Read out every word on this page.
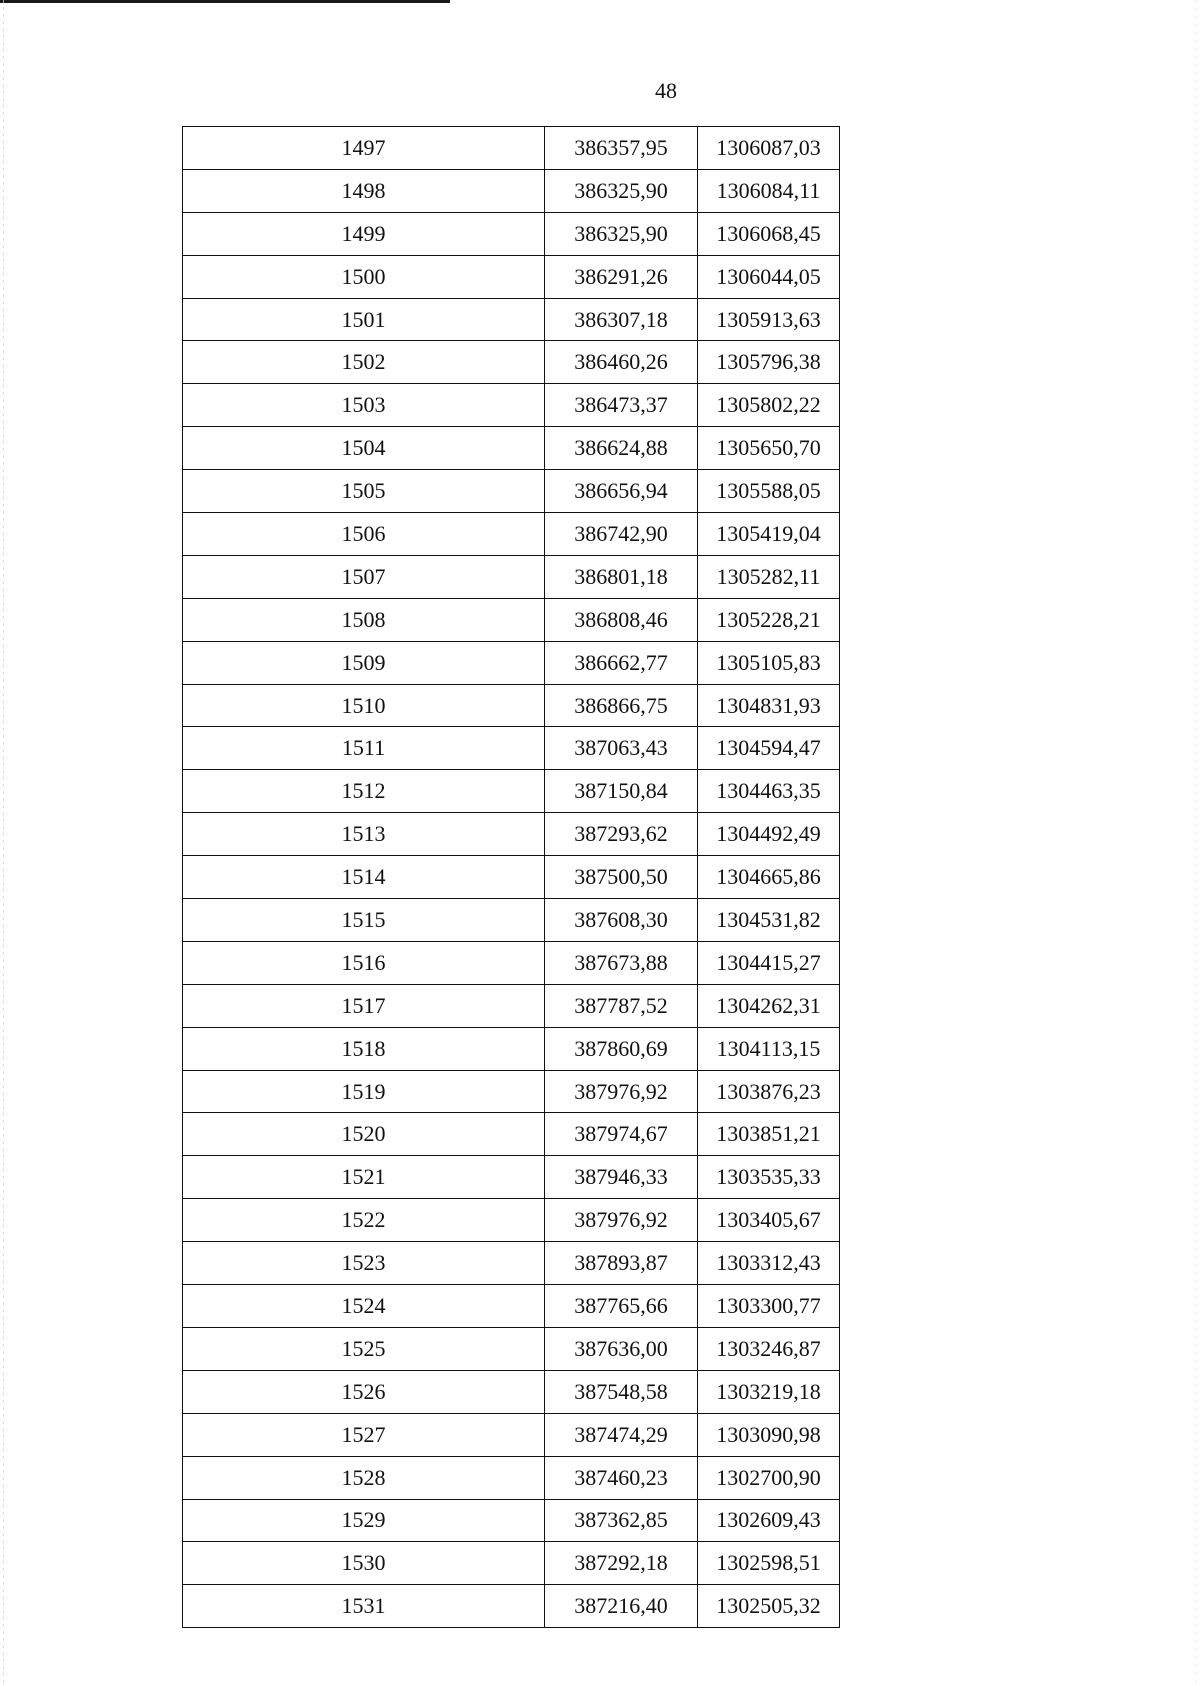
48
1497	386357,95	1306087,03
1498	386325,90	1306084,11
1499	386325,90	1306068,45
1500	386291,26	1306044,05
1501	386307,18	1305913,63
1502	386460,26	1305796,38
1503	386473,37	1305802,22
1504	386624,88	1305650,70
1505	386656,94	1305588,05
1506	386742,90	1305419,04
1507	386801,18	1305282,11
1508	386808,46	1305228,21
1509	386662,77	1305105,83
1510	386866,75	1304831,93
1511	387063,43	1304594,47
1512	387150,84	1304463,35
1513	387293,62	1304492,49
1514	387500,50	1304665,86
1515	387608,30	1304531,82
1516	387673,88	1304415,27
1517	387787,52	1304262,31
1518	387860,69	1304113,15
1519	387976,92	1303876,23
1520	387974,67	1303851,21
1521	387946,33	1303535,33
1522	387976,92	1303405,67
1523	387893,87	1303312,43
1524	387765,66	1303300,77
1525	387636,00	1303246,87
1526	387548,58	1303219,18
1527	387474,29	1303090,98
1528	387460,23	1302700,90
1529	387362,85	1302609,43
1530	387292,18	1302598,51
1531	387216,40	1302505,32
